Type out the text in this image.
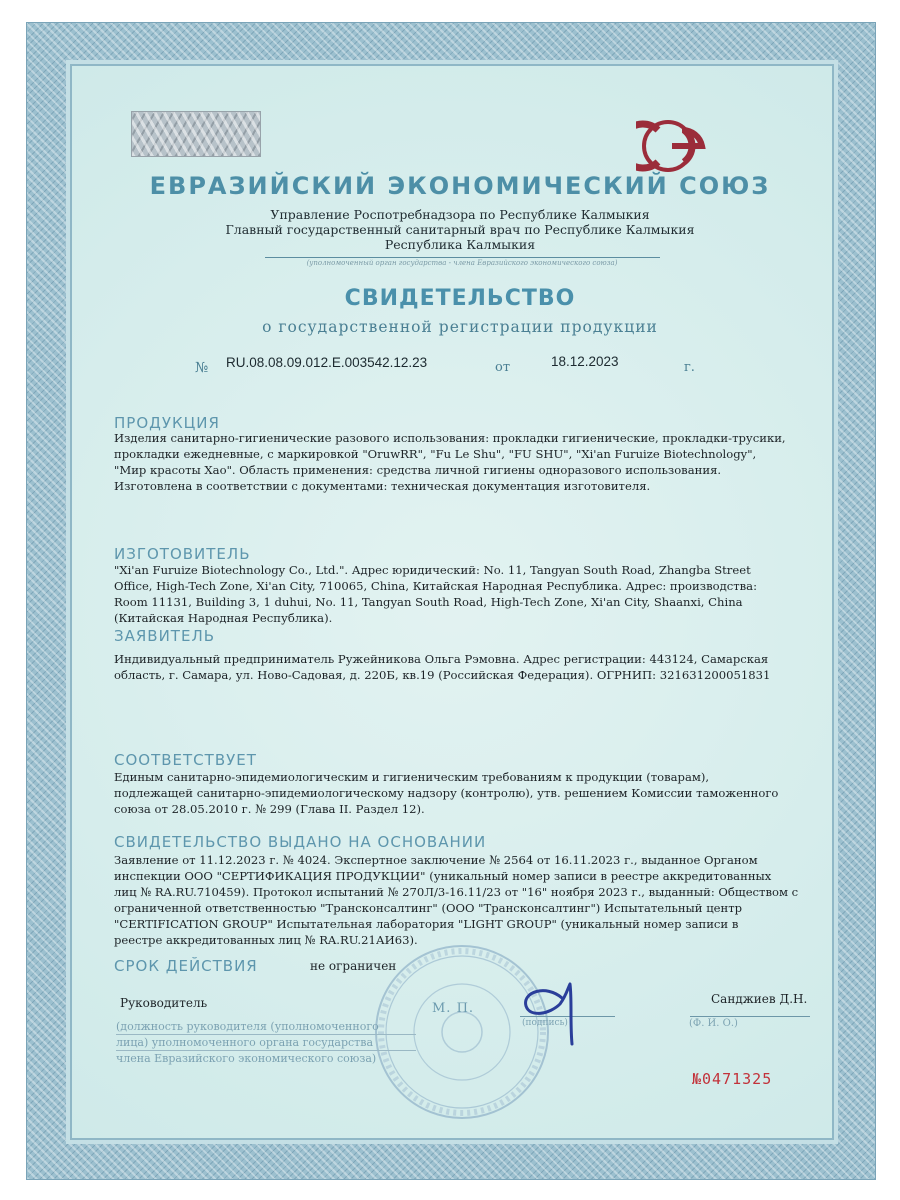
ЕВРАЗИЙСКИЙ ЭКОНОМИЧЕСКИЙ СОЮЗ

Управление Роспотребнадзора по Республике Калмыкия

Главный государственный санитарный врач по Республике Калмыкия

Республика Калмыкия

(уполномоченный орган государства - члена Евразийского экономического союза)

СВИДЕТЕЛЬСТВО

о государственной регистрации продукции

№ RU.08.08.09.012.E.003542.12.23	от	18.12.2023	г.

ПРОДУКЦИЯ

Изделия санитарно-гигиенические разового использования: прокладки гигиенические, прокладки-трусики,
прокладки ежедневные, с маркировкой "OruwRR", "Fu Le Shu", "FU SHU", "Xi'an Furuize Biotechnology",
"Мир красоты Хао". Область применения: средства личной гигиены одноразового использования.
Изготовлена в соответствии с документами: техническая документация изготовителя.

ИЗГОТОВИТЕЛЬ

"Xi'an Furuize Biotechnology Co., Ltd.". Адрес юридический: No. 11, Tangyan South Road, Zhangba Street
Office, High-Tech Zone, Xi'an City, 710065, China, Китайская Народная Республика. Адрес: производства:
Room 11131, Building 3, 1 duhui, No. 11, Tangyan South Road, High-Tech Zone, Xi'an City, Shaanxi, China
(Китайская Народная Республика).

ЗАЯВИТЕЛЬ

Индивидуальный предприниматель Ружейникова Ольга Рэмовна. Адрес регистрации: 443124, Самарская
область, г. Самара, ул. Ново-Садовая, д. 220Б, кв.19 (Российская Федерация). ОГРНИП: 321631200051831

СООТВЕТСТВУЕТ

Единым санитарно-эпидемиологическим и гигиеническим требованиям к продукции (товарам),
подлежащей санитарно-эпидемиологическому надзору (контролю), утв. решением Комиссии таможенного
союза от 28.05.2010 г. № 299 (Глава II. Раздел 12).

СВИДЕТЕЛЬСТВО ВЫДАНО НА ОСНОВАНИИ

Заявление от 11.12.2023 г. № 4024. Экспертное заключение № 2564 от 16.11.2023 г., выданное Органом
инспекции ООО "СЕРТИФИКАЦИЯ ПРОДУКЦИИ" (уникальный номер записи в реестре аккредитованных
лиц № RA.RU.710459). Протокол испытаний № 270Л/3-16.11/23 от "16" ноября 2023 г., выданный: Обществом с
ограниченной ответственностью "Трансконсалтинг" (ООО "Трансконсалтинг") Испытательный центр
"CERTIFICATION GROUP" Испытательная лаборатория "LIGHT GROUP" (уникальный номер записи в
реестре аккредитованных лиц № RA.RU.21АИ63).

СРОК ДЕЙСТВИЯ	не ограничен

Руководитель	М. П.

(подпись)

Санджиев Д.Н.

(Ф. И. О.)

(должность руководителя (уполномоченного

лица) уполномоченного органа государства

члена Евразийского экономического союза)

№0471325
